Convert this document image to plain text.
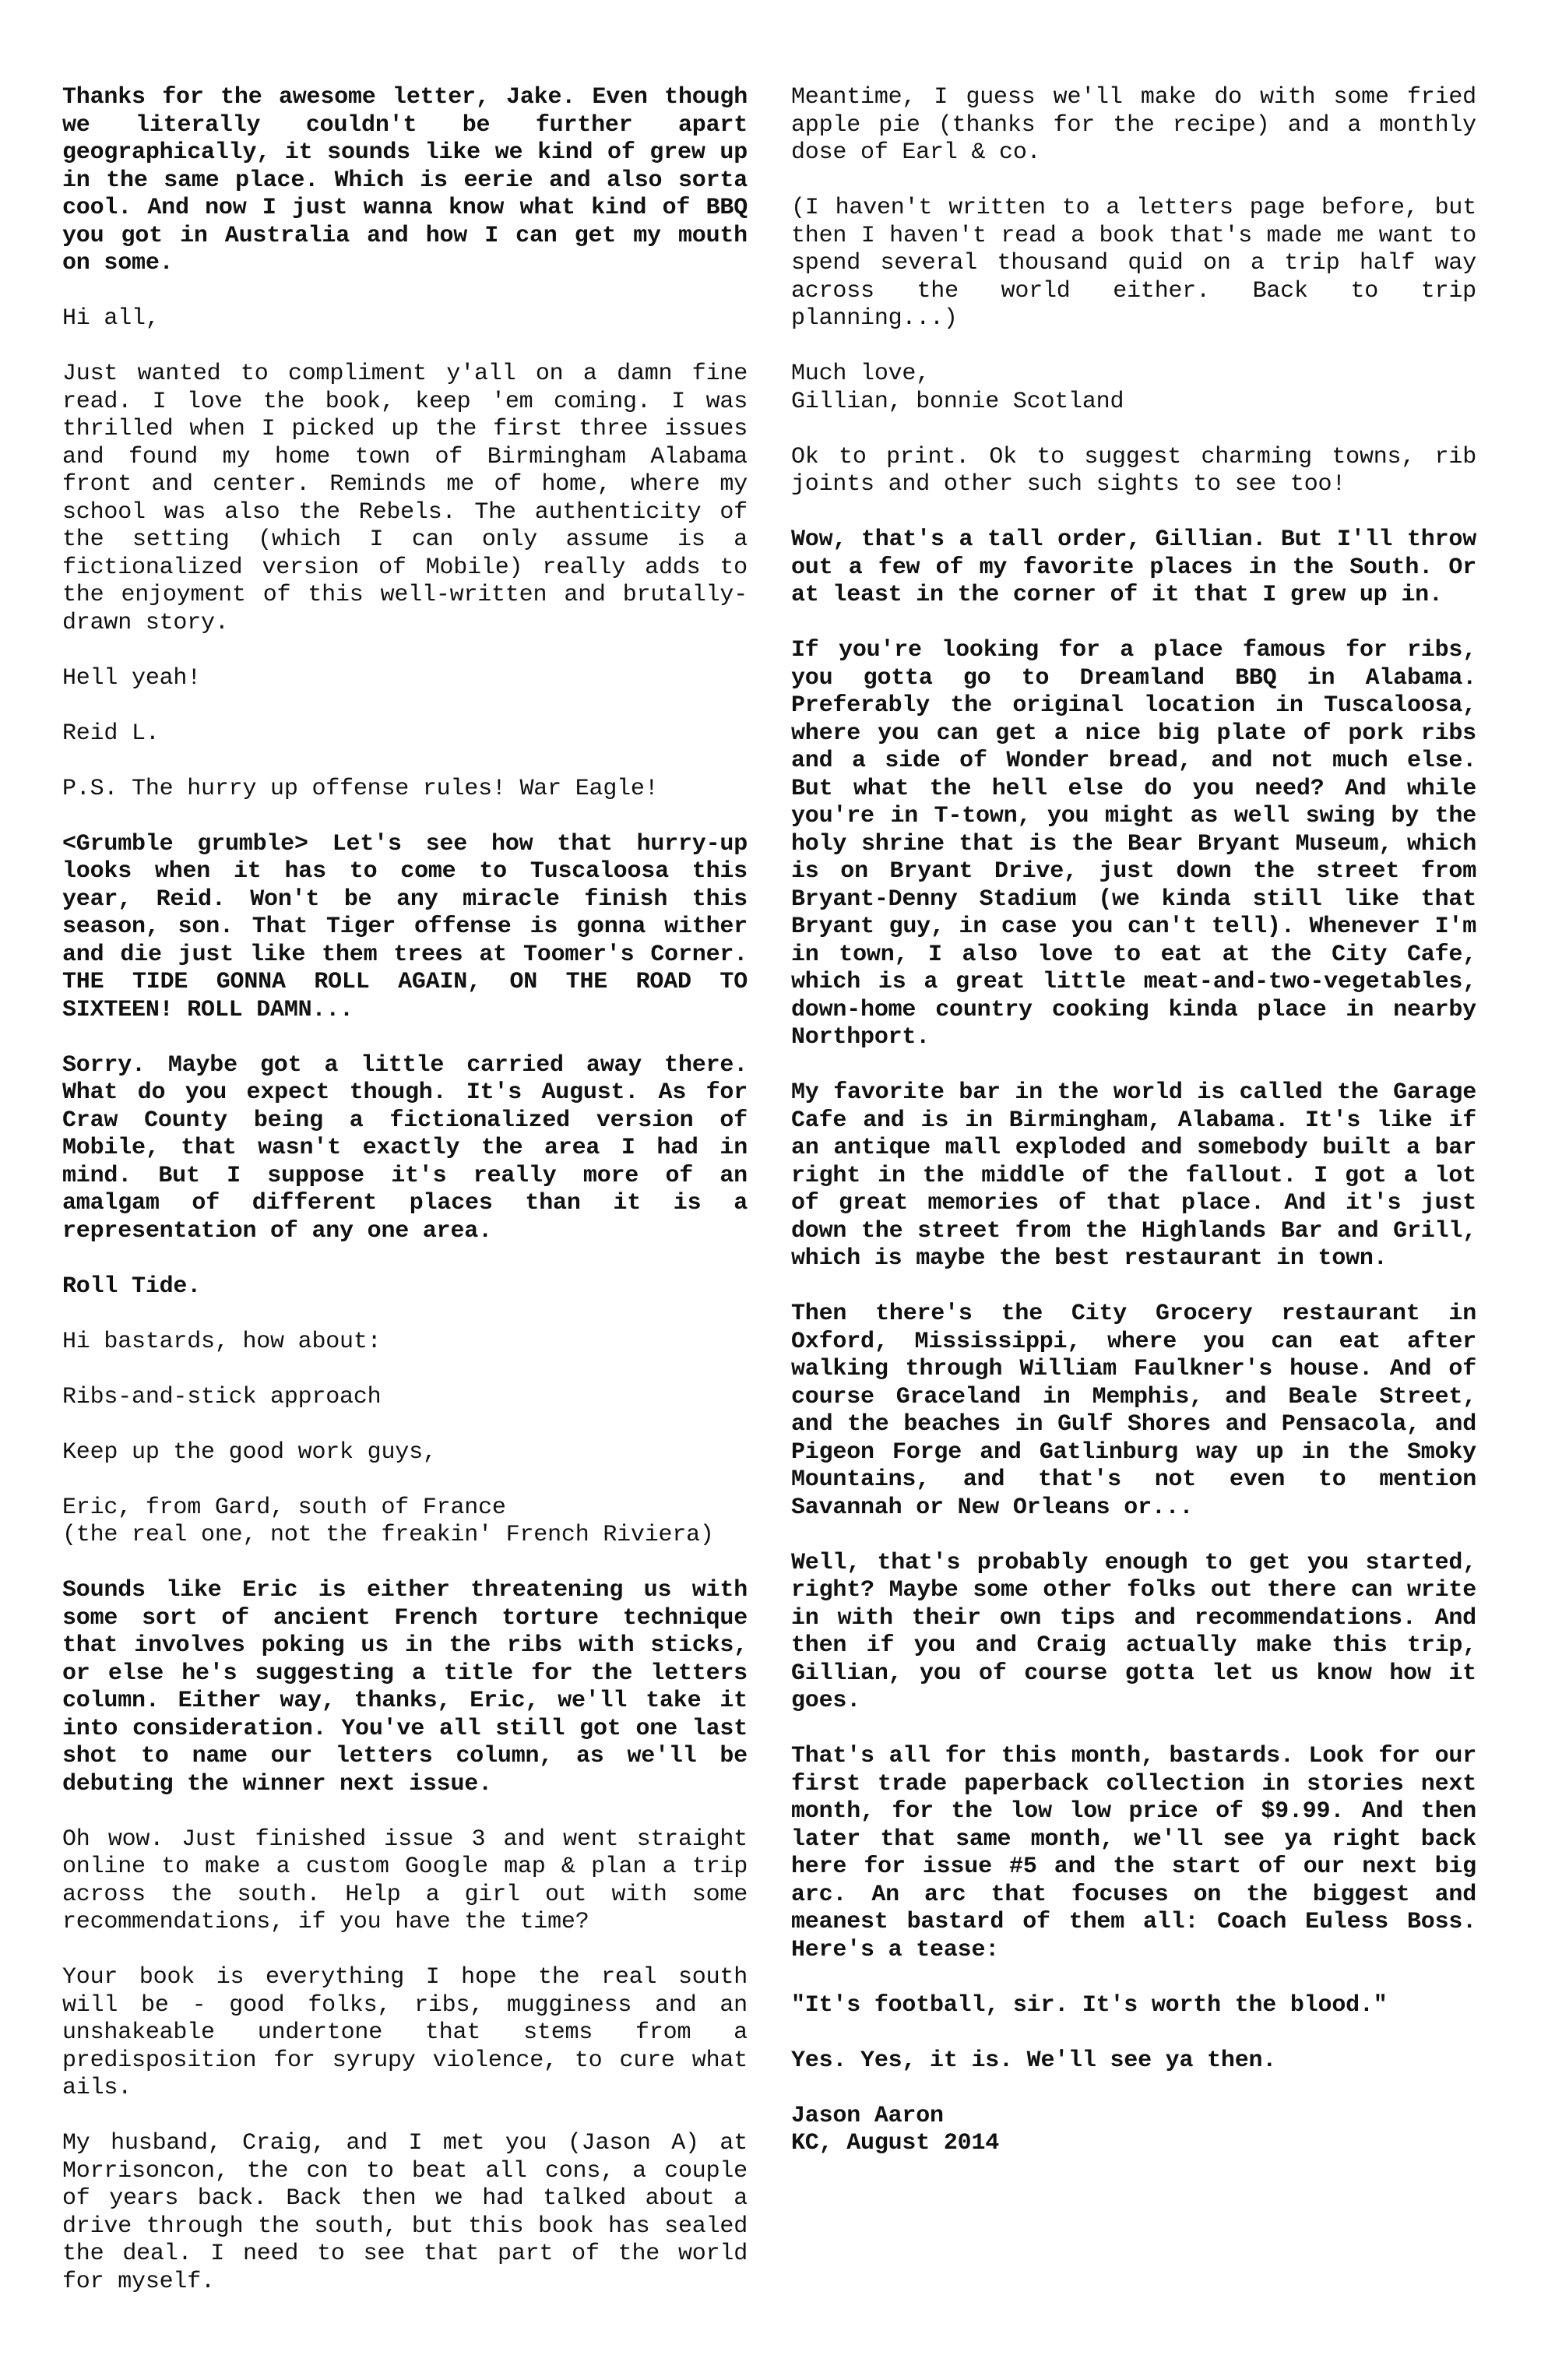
Thanks for the awesome letter, Jake. Even though we literally couldn't be further apart geographically, it sounds like we kind of grew up in the same place. Which is eerie and also sorta cool. And now I just wanna know what kind of BBQ you got in Australia and how I can get my mouth on some.

Hi all,

Just wanted to compliment y'all on a damn fine read. I love the book, keep 'em coming. I was thrilled when I picked up the first three issues and found my home town of Birmingham Alabama front and center. Reminds me of home, where my school was also the Rebels. The authenticity of the setting (which I can only assume is a fictionalized version of Mobile) really adds to the enjoyment of this well-written and brutally-drawn story.

Hell yeah!

Reid L.

P.S. The hurry up offense rules! War Eagle!

<Grumble grumble> Let's see how that hurry-up looks when it has to come to Tuscaloosa this year, Reid. Won't be any miracle finish this season, son. That Tiger offense is gonna wither and die just like them trees at Toomer's Corner. THE TIDE GONNA ROLL AGAIN, ON THE ROAD TO SIXTEEN! ROLL DAMN...

Sorry. Maybe got a little carried away there. What do you expect though. It's August. As for Craw County being a fictionalized version of Mobile, that wasn't exactly the area I had in mind. But I suppose it's really more of an amalgam of different places than it is a representation of any one area.

Roll Tide.

Hi bastards, how about:

Ribs-and-stick approach

Keep up the good work guys,

Eric, from Gard, south of France
(the real one, not the freakin' French Riviera)

Sounds like Eric is either threatening us with some sort of ancient French torture technique that involves poking us in the ribs with sticks, or else he's suggesting a title for the letters column. Either way, thanks, Eric, we'll take it into consideration. You've all still got one last shot to name our letters column, as we'll be debuting the winner next issue.

Oh wow. Just finished issue 3 and went straight online to make a custom Google map & plan a trip across the south. Help a girl out with some recommendations, if you have the time?

Your book is everything I hope the real south will be - good folks, ribs, mugginess and an unshakeable undertone that stems from a predisposition for syrupy violence, to cure what ails.

My husband, Craig, and I met you (Jason A) at Morrisoncon, the con to beat all cons, a couple of years back. Back then we had talked about a drive through the south, but this book has sealed the deal. I need to see that part of the world for myself.

Meantime, I guess we'll make do with some fried apple pie (thanks for the recipe) and a monthly dose of Earl & co.

(I haven't written to a letters page before, but then I haven't read a book that's made me want to spend several thousand quid on a trip half way across the world either. Back to trip planning...)

Much love,
Gillian, bonnie Scotland

Ok to print. Ok to suggest charming towns, rib joints and other such sights to see too!

Wow, that's a tall order, Gillian. But I'll throw out a few of my favorite places in the South. Or at least in the corner of it that I grew up in.

If you're looking for a place famous for ribs, you gotta go to Dreamland BBQ in Alabama. Preferably the original location in Tuscaloosa, where you can get a nice big plate of pork ribs and a side of Wonder bread, and not much else. But what the hell else do you need? And while you're in T-town, you might as well swing by the holy shrine that is the Bear Bryant Museum, which is on Bryant Drive, just down the street from Bryant-Denny Stadium (we kinda still like that Bryant guy, in case you can't tell). Whenever I'm in town, I also love to eat at the City Cafe, which is a great little meat-and-two-vegetables, down-home country cooking kinda place in nearby Northport.

My favorite bar in the world is called the Garage Cafe and is in Birmingham, Alabama. It's like if an antique mall exploded and somebody built a bar right in the middle of the fallout. I got a lot of great memories of that place. And it's just down the street from the Highlands Bar and Grill, which is maybe the best restaurant in town.

Then there's the City Grocery restaurant in Oxford, Mississippi, where you can eat after walking through William Faulkner's house. And of course Graceland in Memphis, and Beale Street, and the beaches in Gulf Shores and Pensacola, and Pigeon Forge and Gatlinburg way up in the Smoky Mountains, and that's not even to mention Savannah or New Orleans or...

Well, that's probably enough to get you started, right? Maybe some other folks out there can write in with their own tips and recommendations. And then if you and Craig actually make this trip, Gillian, you of course gotta let us know how it goes.

That's all for this month, bastards. Look for our first trade paperback collection in stories next month, for the low low price of $9.99. And then later that same month, we'll see ya right back here for issue #5 and the start of our next big arc. An arc that focuses on the biggest and meanest bastard of them all: Coach Euless Boss. Here's a tease:

"It's football, sir. It's worth the blood."

Yes. Yes, it is. We'll see ya then.

Jason Aaron
KC, August 2014
